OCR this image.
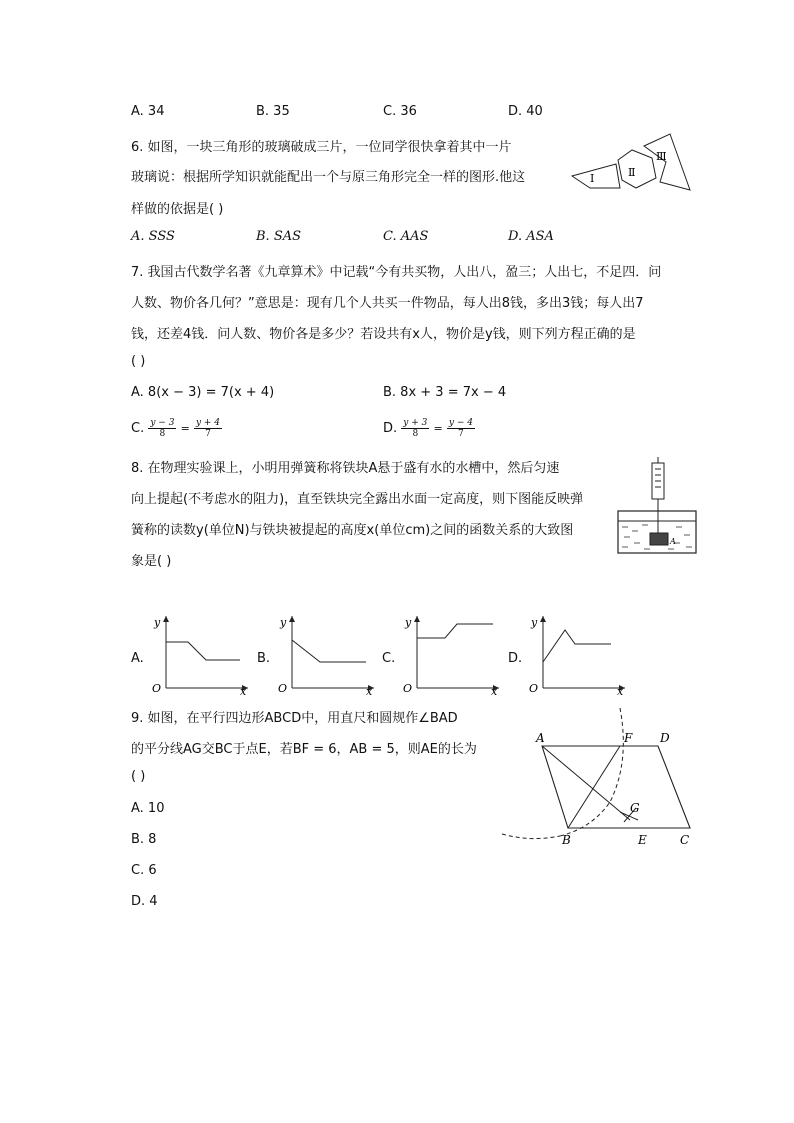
A. 34	B. 35	C. 36	D. 40
6. 如图，一块三角形的玻璃破成三片，一位同学很快拿着其中一片
玻璃说：根据所学知识就能配出一个与原三角形完全一样的图形.他这
样做的依据是( )
I	Ⅱ
Ⅲ
A. SSS	B. SAS	C. AAS	D. ASA
7. 我国古代数学名著《九章算术》中记载“今有共买物，人出八，盈三；人出七，不足四．问
人数、物价各几何？”意思是：现有几个人共买一件物品，每人出8钱，多出3钱；每人出7
钱，还差4钱．问人数、物价各是多少？若设共有x人，物价是y钱，则下列方程正确的是
( )
A. 8(x − 3) = 7(x + 4)	B. 8x + 3 = 7x − 4
C. $\frac{y - 3}{8} = \frac{y + 4}{7}$	D. $\frac{y + 3}{8} = \frac{y - 4}{7}$
8. 在物理实验课上，小明用弹簧称将铁块A悬于盛有水的水槽中，然后匀速
向上提起(不考虑水的阻力)，直至铁块完全露出水面一定高度，则下图能反映弹
簧称的读数y(单位N)与铁块被提起的高度x(单位cm)之间的函数关系的大致图
象是( )
A
A.
y
x
O
B.
y
x
O
C.
y
x
O
D.
y
x
O
9. 如图，在平行四边形ABCD中，用直尺和圆规作∠BAD
的平分线AG交BC于点E，若BF = 6，AB = 5，则AE的长为
( )
A	F D
G
B	E	C
A. 10
B. 8
C. 6
D. 4
